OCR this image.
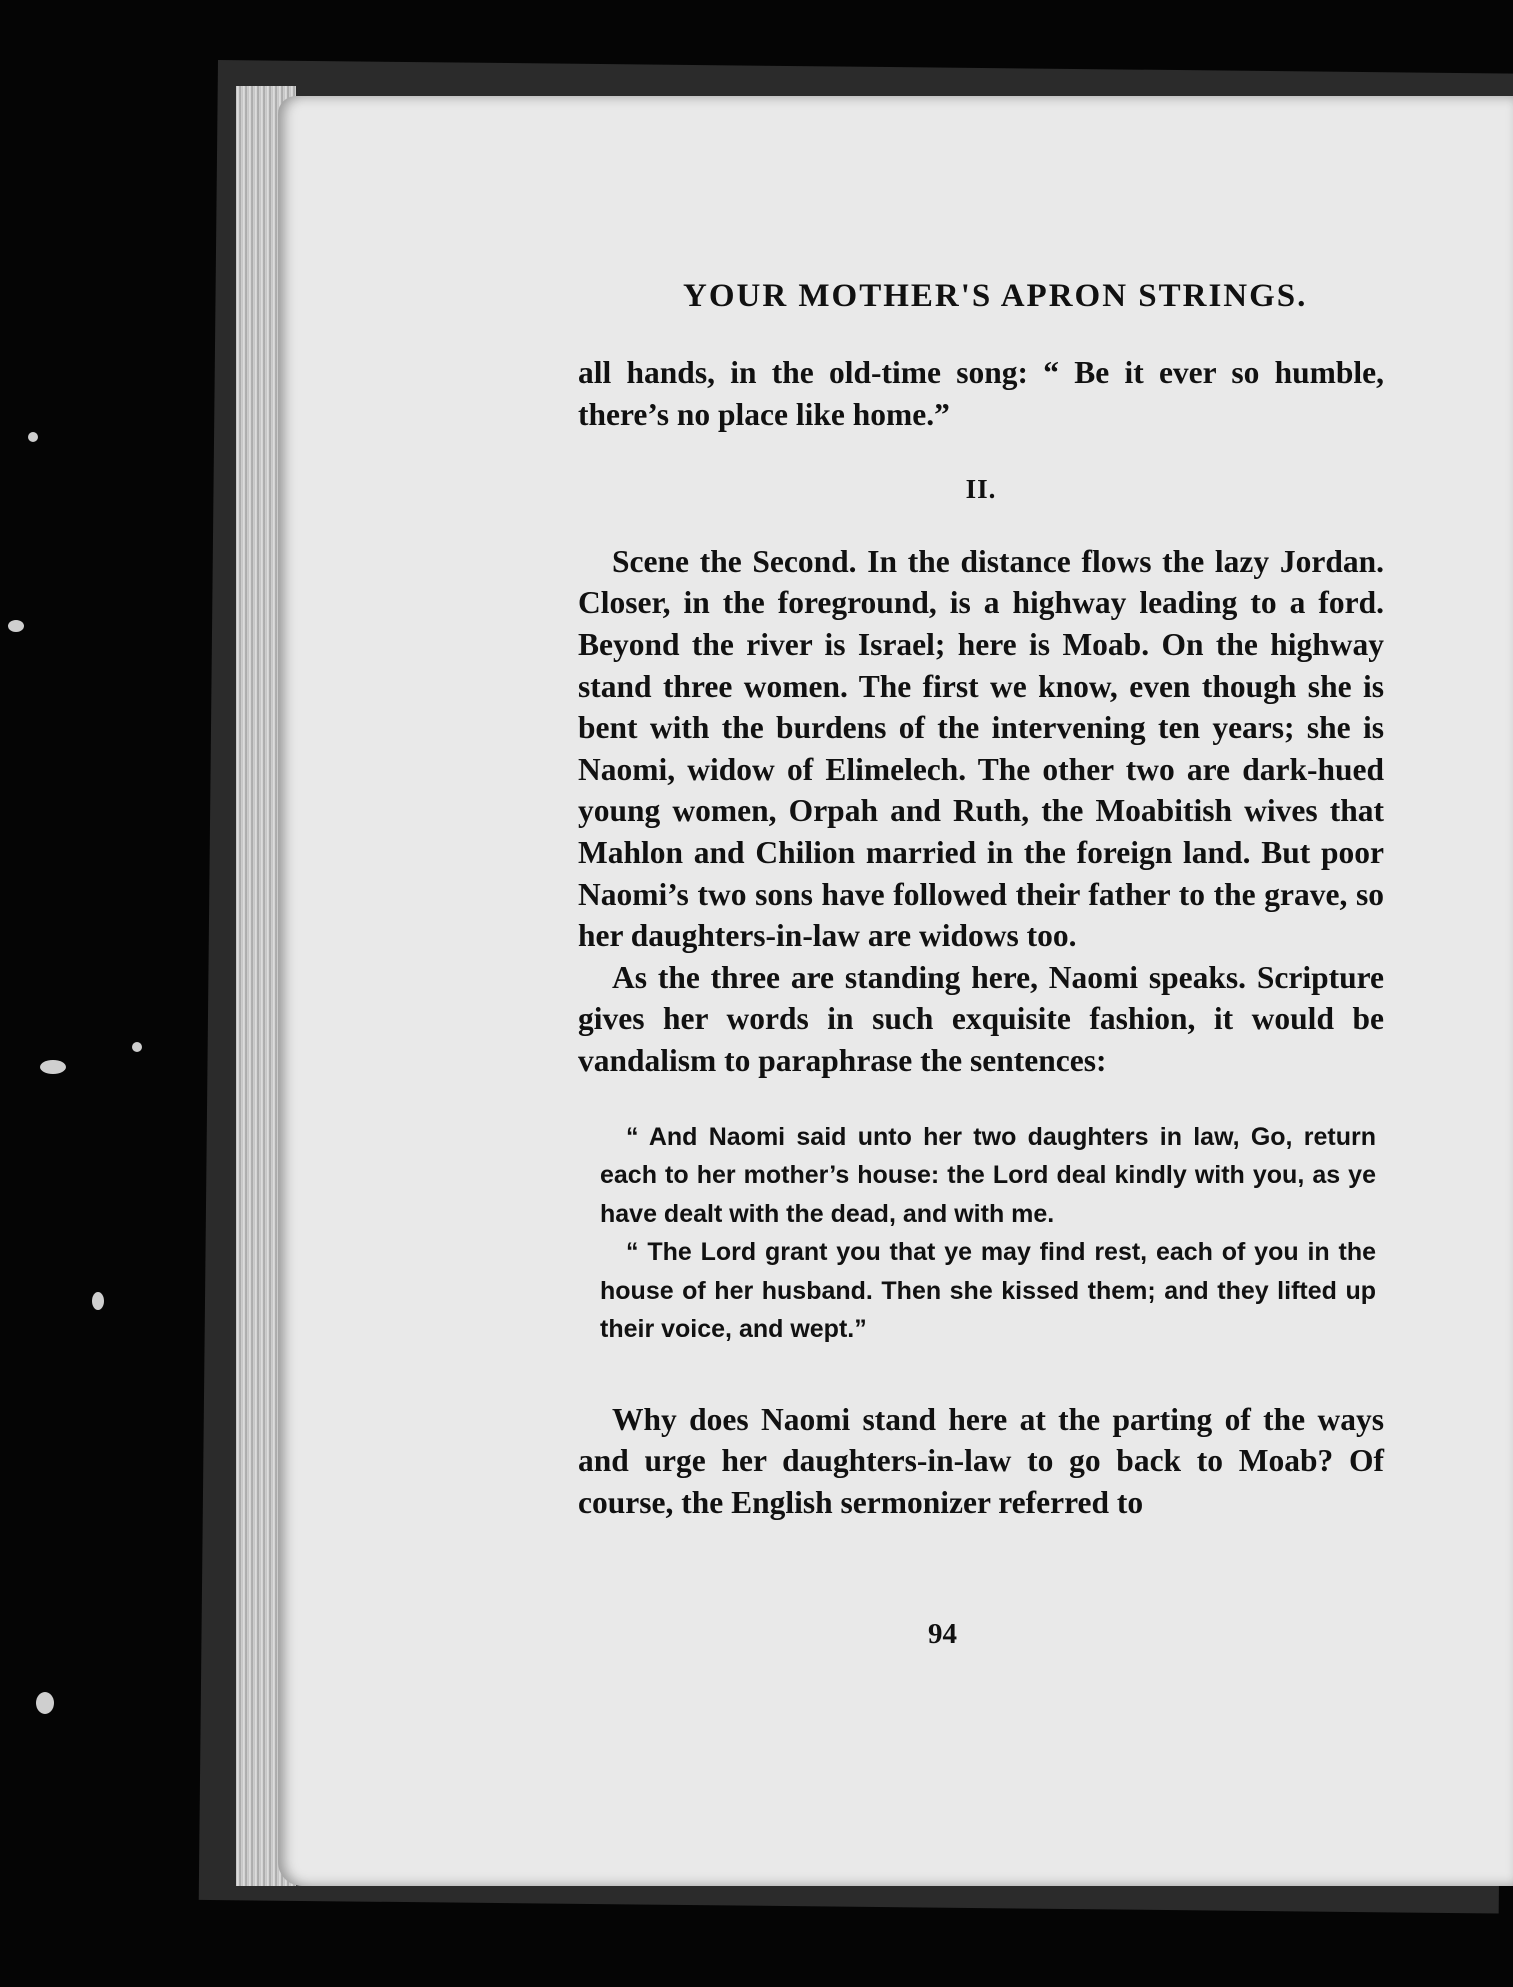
YOUR MOTHER'S APRON STRINGS.

all hands, in the old-time song: “ Be it ever so humble, there’s no place like home.”

II.

Scene the Second. In the distance flows the lazy Jordan. Closer, in the foreground, is a highway leading to a ford. Beyond the river is Israel; here is Moab. On the highway stand three women. The first we know, even though she is bent with the burdens of the intervening ten years; she is Naomi, widow of Elimelech. The other two are dark-hued young women, Orpah and Ruth, the Moabitish wives that Mahlon and Chilion married in the foreign land. But poor Naomi’s two sons have followed their father to the grave, so her daughters-in-law are widows too.

As the three are standing here, Naomi speaks. Scripture gives her words in such exquisite fashion, it would be vandalism to paraphrase the sentences:

“ And Naomi said unto her two daughters in law, Go, return each to her mother’s house: the Lord deal kindly with you, as ye have dealt with the dead, and with me.

“ The Lord grant you that ye may find rest, each of you in the house of her husband. Then she kissed them; and they lifted up their voice, and wept.”

Why does Naomi stand here at the parting of the ways and urge her daughters-in-law to go back to Moab? Of course, the English sermonizer referred to

94
